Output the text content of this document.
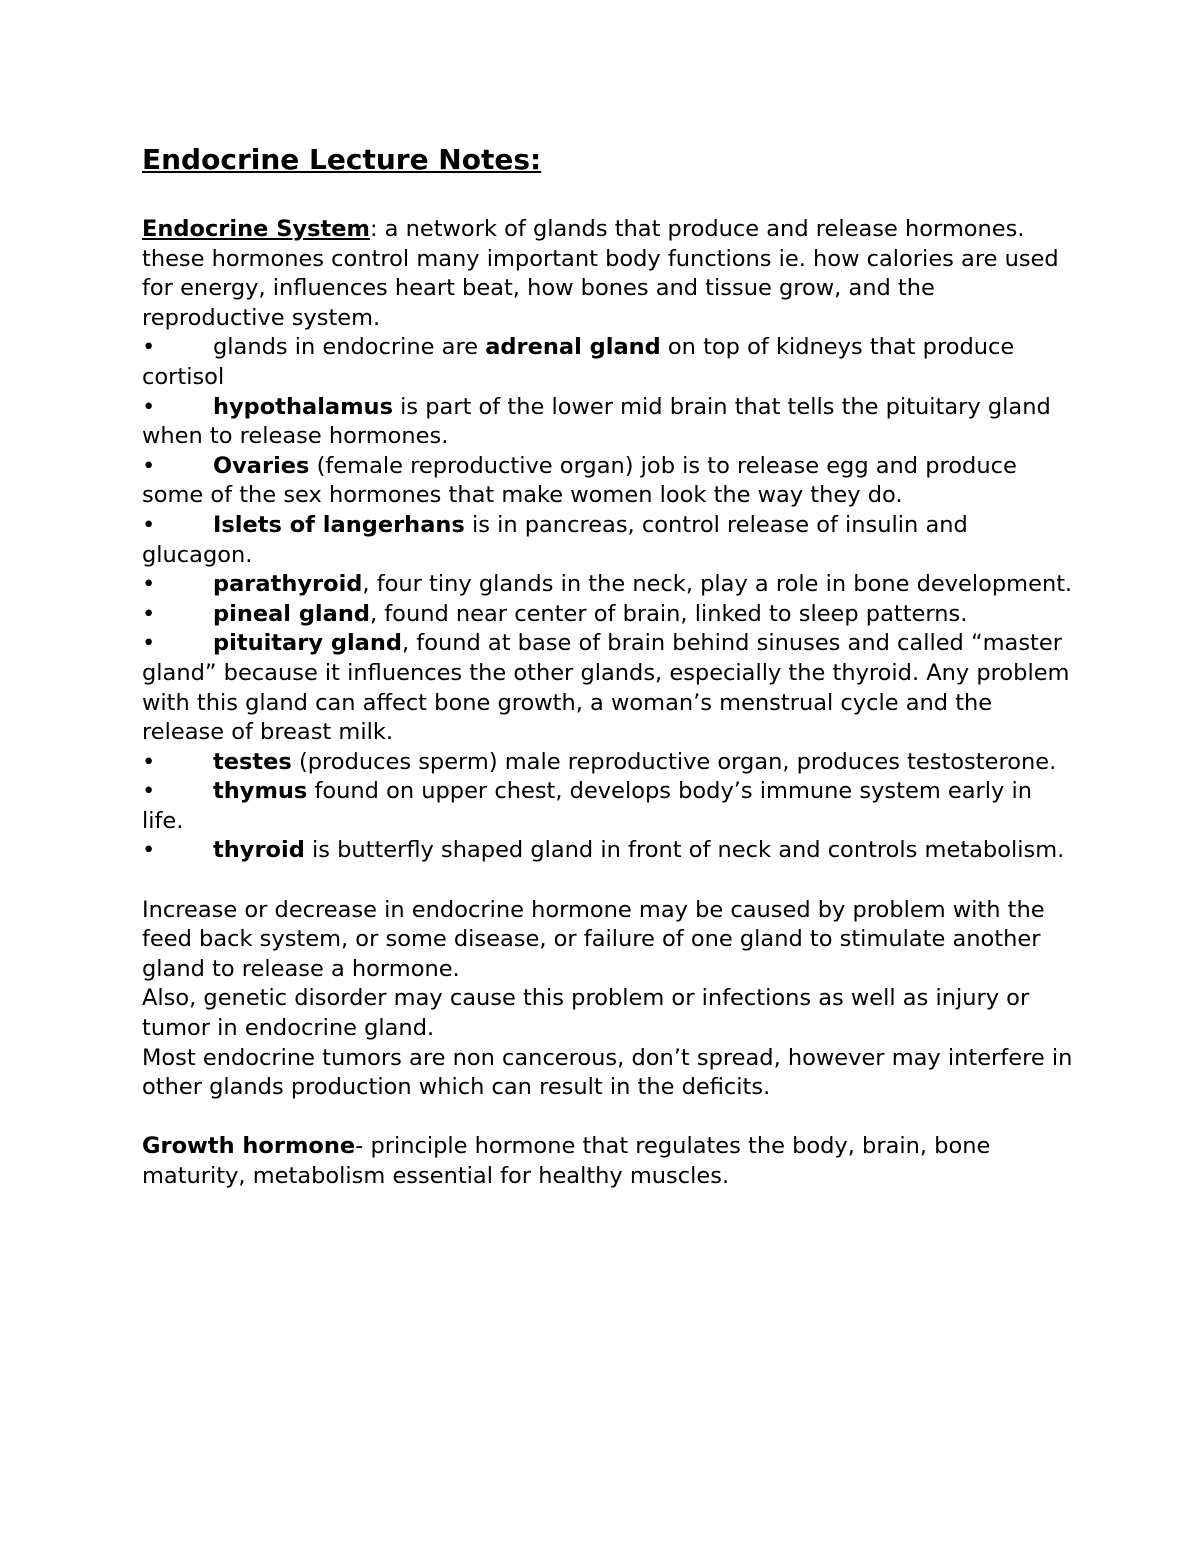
Endocrine Lecture Notes:

Endocrine System: a network of glands that produce and release hormones. these hormones control many important body functions ie. how calories are used for energy, influences heart beat, how bones and tissue grow, and the reproductive system.

•	glands in endocrine are adrenal gland on top of kidneys that produce cortisol
•	hypothalamus is part of the lower mid brain that tells the pituitary gland when to release hormones.
•	Ovaries (female reproductive organ) job is to release egg and produce some of the sex hormones that make women look the way they do.
•	Islets of langerhans is in pancreas, control release of insulin and glucagon.
•	parathyroid, four tiny glands in the neck, play a role in bone development.
•	pineal gland, found near center of brain, linked to sleep patterns.
•	pituitary gland, found at base of brain behind sinuses and called “master gland” because it influences the other glands, especially the thyroid. Any problem with this gland can affect bone growth, a woman’s menstrual cycle and the release of breast milk.
•	testes (produces sperm) male reproductive organ, produces testosterone.
•	thymus found on upper chest, develops body’s immune system early in life.
•	thyroid is butterfly shaped gland in front of neck and controls metabolism.

Increase or decrease in endocrine hormone may be caused by problem with the feed back system, or some disease, or failure of one gland to stimulate another gland to release a hormone.

Also, genetic disorder may cause this problem or infections as well as injury or tumor in endocrine gland.

Most endocrine tumors are non cancerous, don’t spread, however may interfere in other glands production which can result in the deficits.

Growth hormone- principle hormone that regulates the body, brain, bone maturity, metabolism essential for healthy muscles.
